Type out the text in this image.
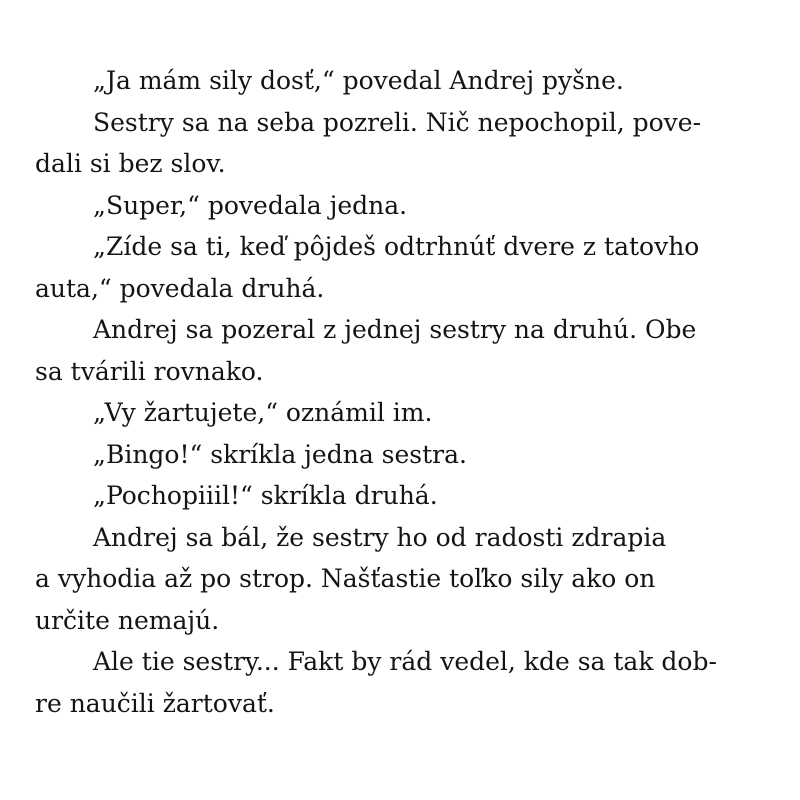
„Ja mám sily dosť,“ povedal Andrej pyšne.

Sestry sa na seba pozreli. Nič nepochopil, pove-
dali si bez slov.

„Super,“ povedala jedna.

„Zíde sa ti, keď pôjdeš odtrhnúť dvere z tatovho
auta,“ povedala druhá.

Andrej sa pozeral z jednej sestry na druhú. Obe
sa tvárili rovnako.

„Vy žartujete,“ oznámil im.

„Bingo!“ skríkla jedna sestra.

„Pochopiiil!“ skríkla druhá.

Andrej sa bál, že sestry ho od radosti zdrapia
a vyhodia až po strop. Našťastie toľko sily ako on
určite nemajú.

Ale tie sestry... Fakt by rád vedel, kde sa tak dob-
re naučili žartovať.
